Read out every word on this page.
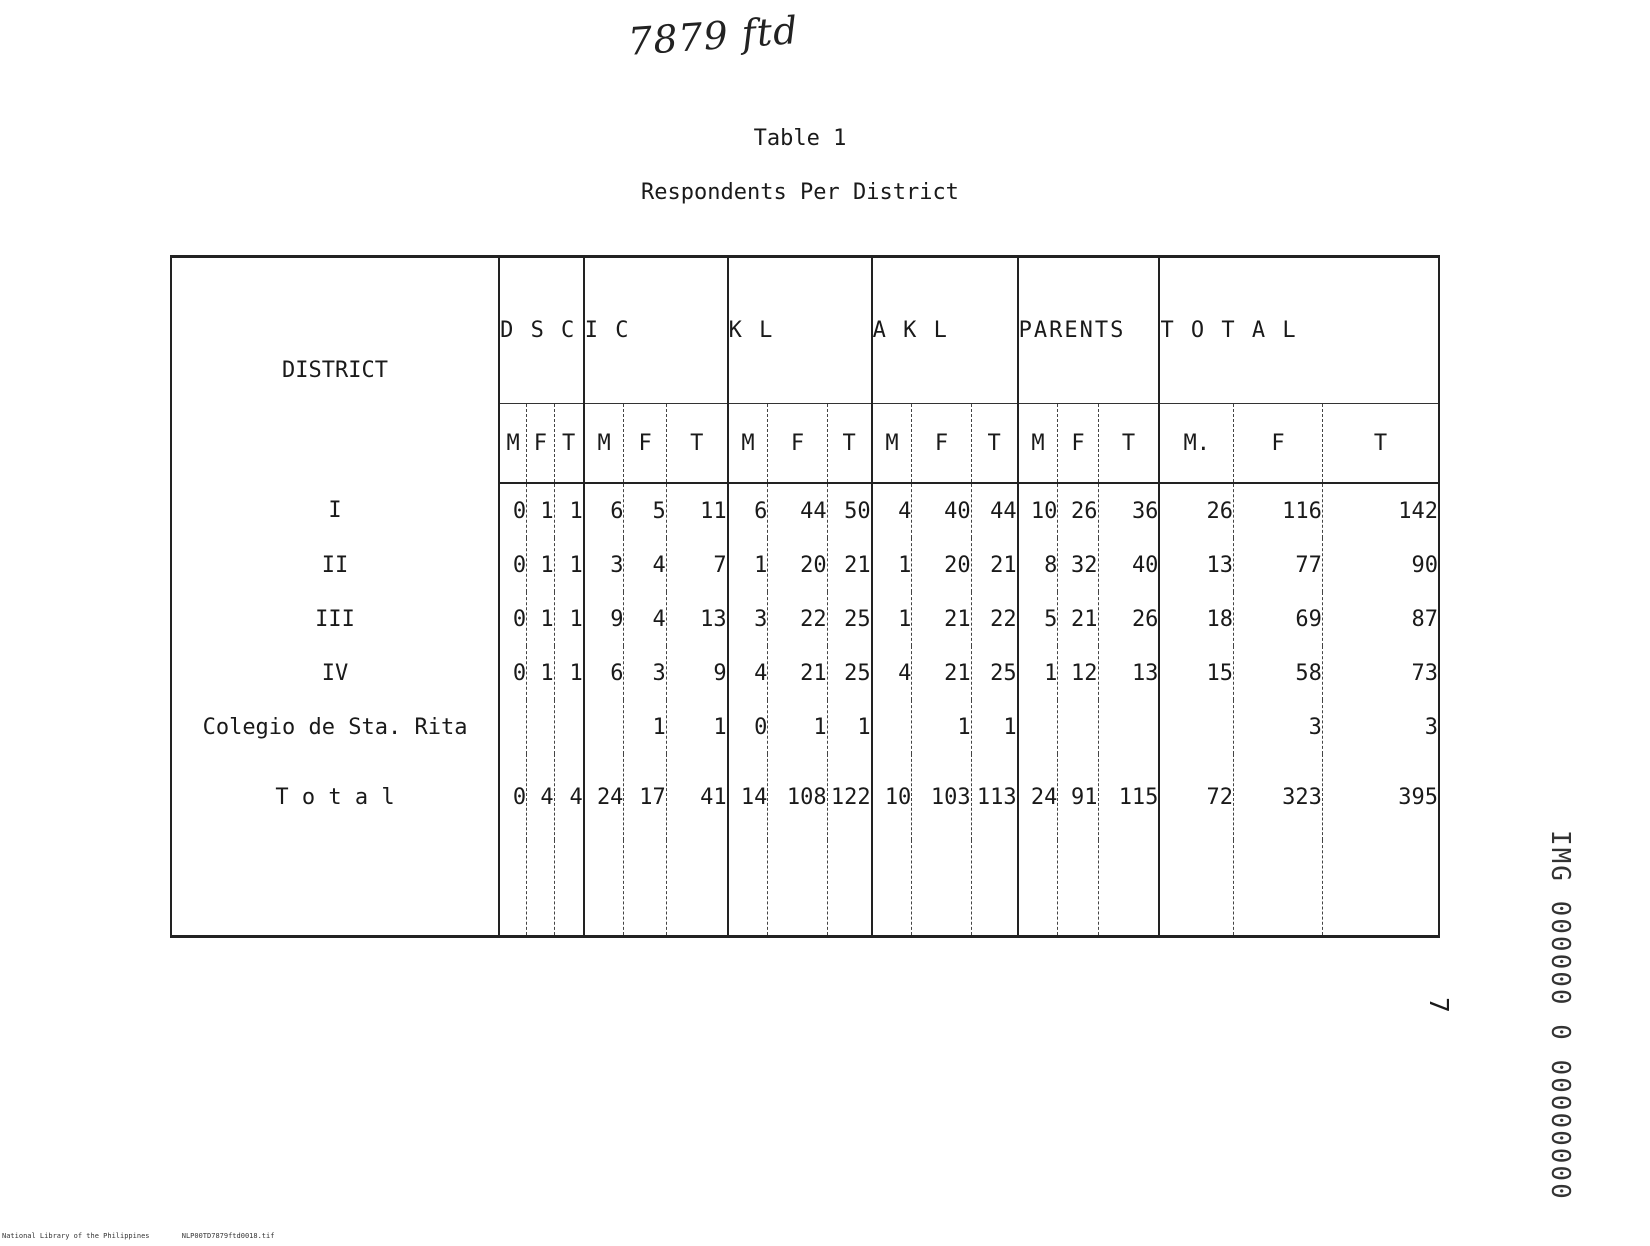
7879 ftd
Table 1
Respondents Per District
DISTRICT	D S C			I C			K L			A K L			PARENTS			T O T A L		
	M	F	T	M	F	T	M	F	T	M	F	T	M	F	T	M.	F	T
I	0	1	1	6	5	11	6	44	50	4	40	44	10	26	36	26	116	142
II	0	1	1	3	4	7	1	20	21	1	20	21	8	32	40	13	77	90
III	0	1	1	9	4	13	3	22	25	1	21	22	5	21	26	18	69	87
IV	0	1	1	6	3	9	4	21	25	4	21	25	1	12	13	15	58	73
Colegio de Sta. Rita					1	1	0	1	1		1	1					3	3
T o t a l	0	4	4	24	17	41	14	108	122	10	103	113	24	91	115	72	323	395

IMG 000000 0 00000000
7
National Library of the Philippines	NLP00TD7879ftd0018.tif
